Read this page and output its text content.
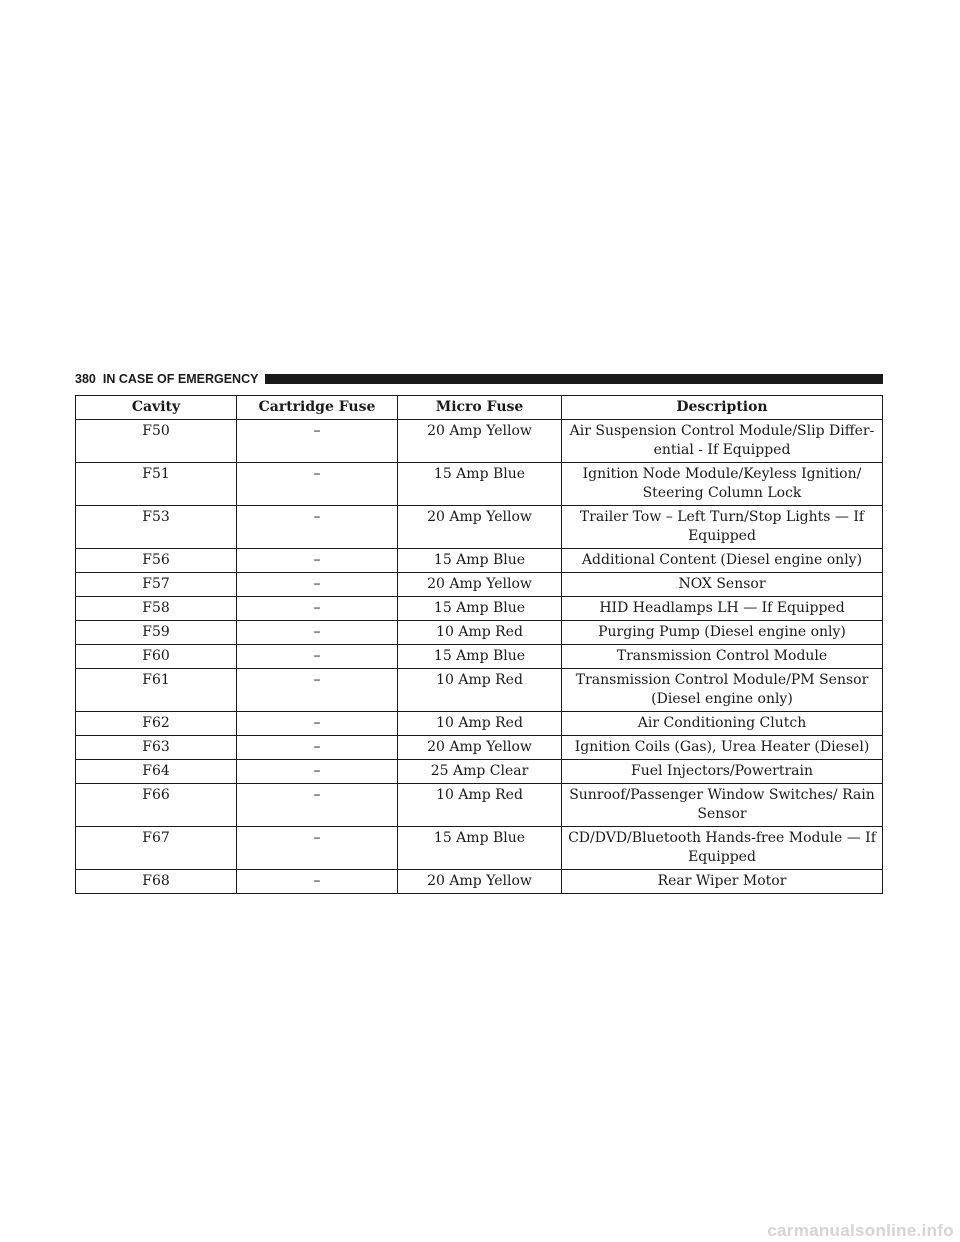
380 IN CASE OF EMERGENCY
Cavity	Cartridge Fuse	Micro Fuse	Description
F50	–	20 Amp Yellow	Air Suspension Control Module/Slip Differ-ential - If Equipped
F51	–	15 Amp Blue	Ignition Node Module/Keyless Ignition/ Steering Column Lock
F53	–	20 Amp Yellow	Trailer Tow – Left Turn/Stop Lights — If Equipped
F56	–	15 Amp Blue	Additional Content (Diesel engine only)
F57	–	20 Amp Yellow	NOX Sensor
F58	–	15 Amp Blue	HID Headlamps LH — If Equipped
F59	–	10 Amp Red	Purging Pump (Diesel engine only)
F60	–	15 Amp Blue	Transmission Control Module
F61	–	10 Amp Red	Transmission Control Module/PM Sensor (Diesel engine only)
F62	–	10 Amp Red	Air Conditioning Clutch
F63	–	20 Amp Yellow	Ignition Coils (Gas), Urea Heater (Diesel)
F64	–	25 Amp Clear	Fuel Injectors/Powertrain
F66	–	10 Amp Red	Sunroof/Passenger Window Switches/ Rain Sensor
F67	–	15 Amp Blue	CD/DVD/Bluetooth Hands-free Module — If Equipped
F68	–	20 Amp Yellow	Rear Wiper Motor
carmanualsonline.info
